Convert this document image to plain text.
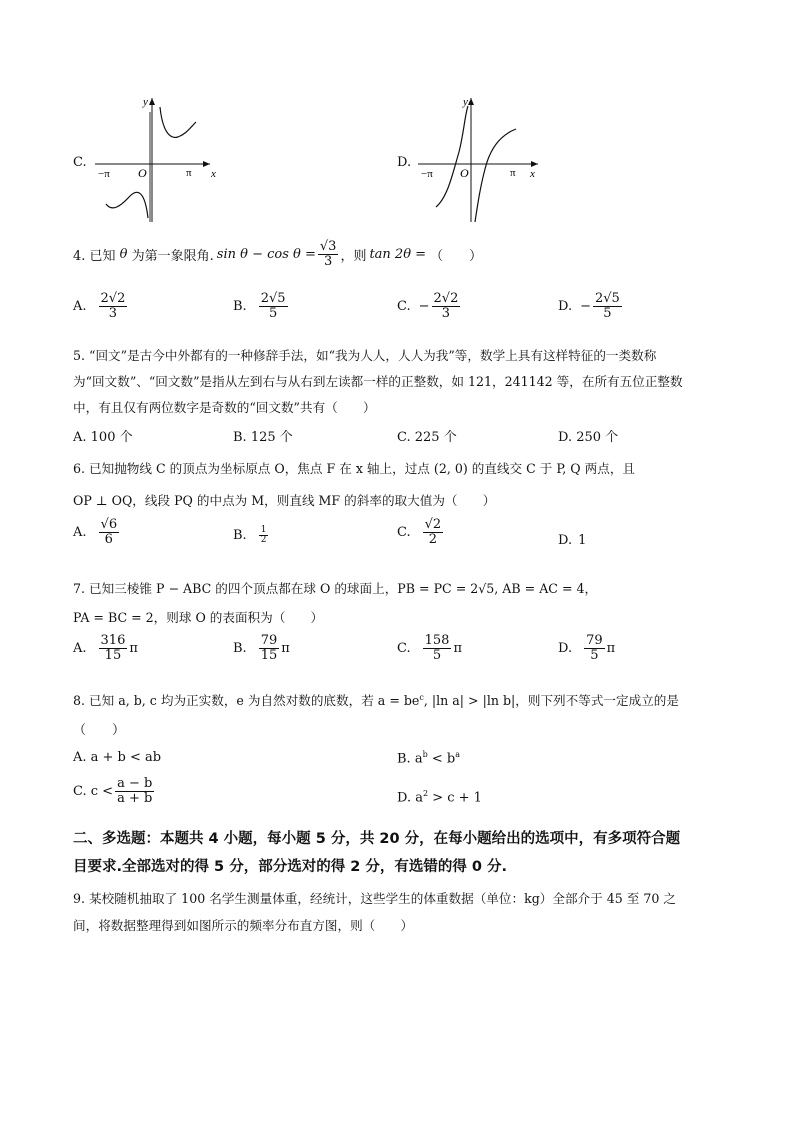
C.
y
x
O
−π	π
D.
y
x
O
−π	π
4. 已知 θ 为第一象限角. $\sin \theta - \cos \theta = \frac{√3}{3}$ ，则 tan 2θ = （　　）
A. $\frac{2√2}{3}$	B. $\frac{2√5}{5}$	C. − $\frac{2√2}{3}$	D. − $\frac{2√5}{5}$
5. “回文”是古今中外都有的一种修辞手法，如“我为人人，人人为我”等，数学上具有这样特征的一类数称
为“回文数”、“回文数”是指从左到右与从右到左读都一样的正整数，如 121，241142 等，在所有五位正整数
中，有且仅有两位数字是奇数的“回文数”共有（　　）
A. 100 个	B. 125 个	C. 225 个	D. 250 个
6. 已知抛物线 C 的顶点为坐标原点 O，焦点 F 在 x 轴上，过点 (2, 0) 的直线交 C 于 P, Q 两点，且
OP ⊥ OQ，线段 PQ 的中点为 M，则直线 MF 的斜率的取大值为（　　）
A. $\frac{√6}{6}$	B. $\frac{1}{2}$	C. $\frac{√2}{2}$	D. 1
7. 已知三棱锥 P − ABC 的四个顶点都在球 O 的球面上，PB = PC = 2√5, AB = AC = 4，
PA = BC = 2，则球 O 的表面积为（　　）
A. $\frac{316}{15}$ π	B. $\frac{79}{15}$ π	C. $\frac{158}{5}$ π	D. $\frac{79}{5}$ π
8. 已知 a, b, c 均为正实数，e 为自然对数的底数，若 $a = be^c$, |ln a| > |ln b|，则下列不等式一定成立的是
（　　）
A. a + b < ab	B. $a^b < b^a$
C. $c < \frac{a - b}{a + b}$	D. $a^2 > c + 1$
二、多选题：本题共 4 小题，每小题 5 分，共 20 分，在每小题给出的选项中，有多项符合题
目要求.全部选对的得 5 分，部分选对的得 2 分，有选错的得 0 分.
9. 某校随机抽取了 100 名学生测量体重，经统计，这些学生的体重数据（单位：kg）全部介于 45 至 70 之
间，将数据整理得到如图所示的频率分布直方图，则（　　）
